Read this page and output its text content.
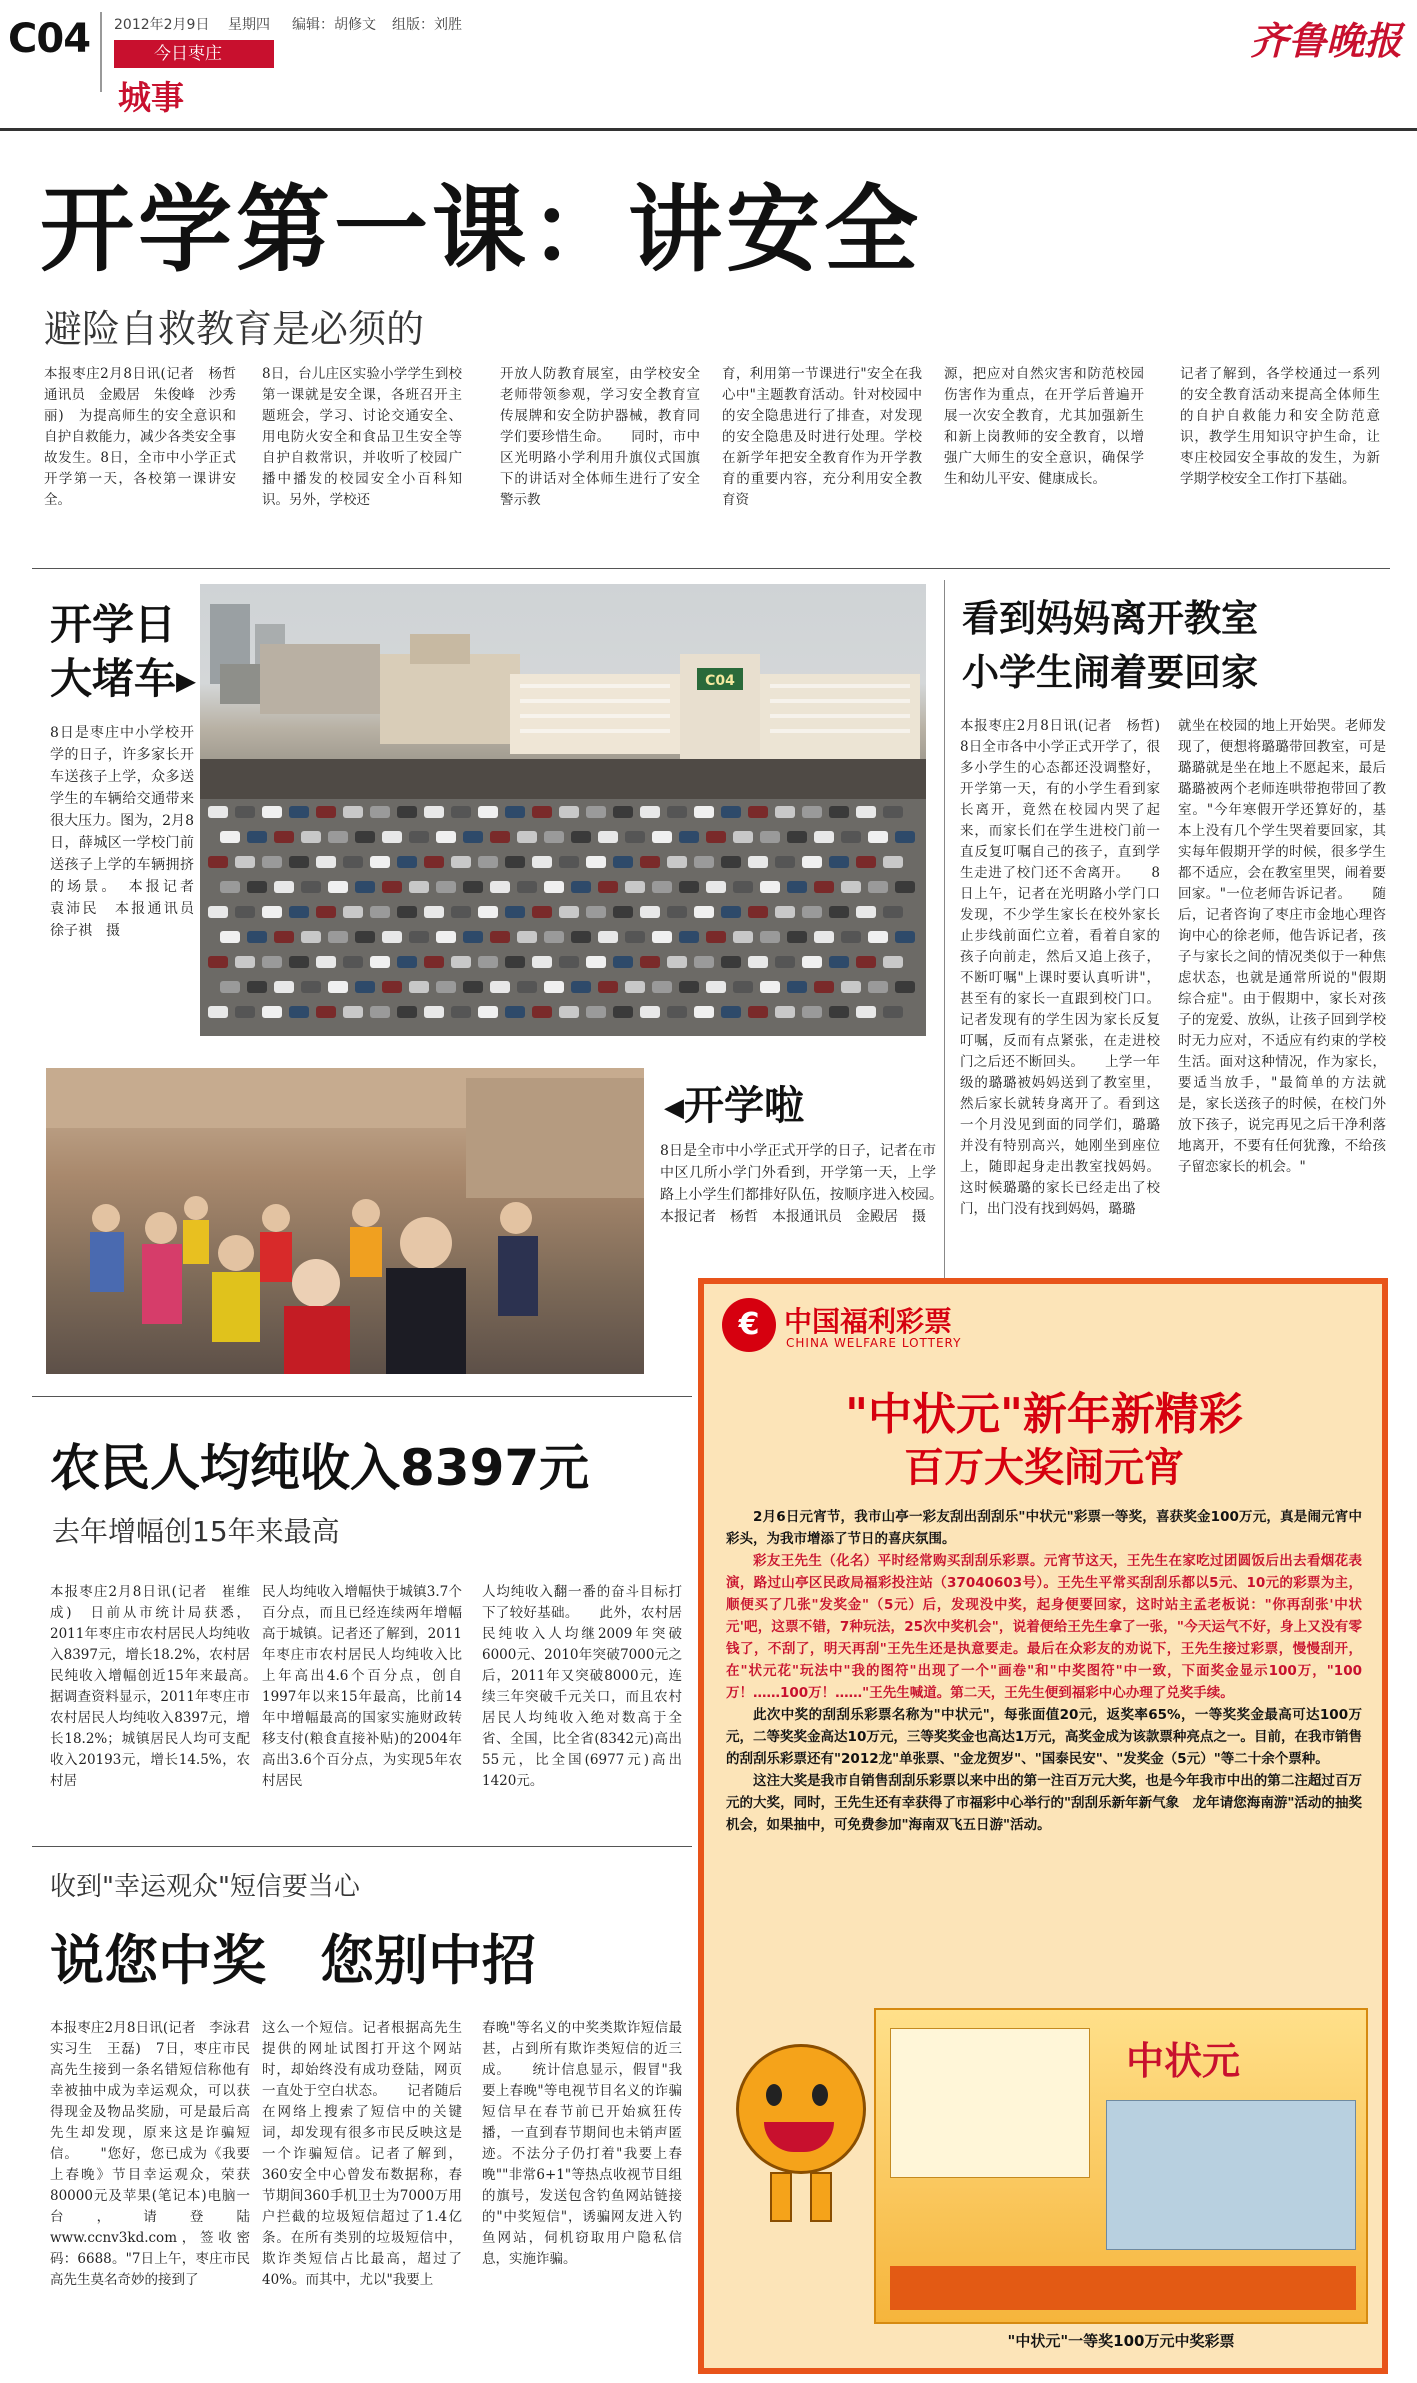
C04 2012年2月9日 星期四 编辑：胡修文 组版：刘胜
今日枣庄
城事
齐鲁晚报
开学第一课：讲安全
避险自救教育是必须的
本报枣庄2月8日讯(记者　杨哲　通讯员　金殿居　朱俊峰　沙秀丽)　为提高师生的安全意识和自护自救能力，减少各类安全事故发生。8日，全市中小学正式开学第一天，各校第一课讲安全。
8日，台儿庄区实验小学学生到校第一课就是安全课，各班召开主题班会，学习、讨论交通安全、用电防火安全和食品卫生安全等自护自救常识，并收听了校园广播中播发的校园安全小百科知识。另外，学校还
开放人防教育展室，由学校安全老师带领参观，学习安全教育宣传展牌和安全防护器械，教育同学们要珍惜生命。　　同时，市中区光明路小学利用升旗仪式国旗下的讲话对全体师生进行了安全警示教
育，利用第一节课进行"安全在我心中"主题教育活动。针对校园中的安全隐患进行了排查，对发现的安全隐患及时进行处理。学校在新学年把安全教育作为开学教育的重要内容，充分利用安全教育资
源，把应对自然灾害和防范校园伤害作为重点，在开学后普遍开展一次安全教育，尤其加强新生和新上岗教师的安全教育，以增强广大师生的安全意识，确保学生和幼儿平安、健康成长。
记者了解到，各学校通过一系列的安全教育活动来提高全体师生的自护自救能力和安全防范意识，教学生用知识守护生命，让枣庄校园安全事故的发生，为新学期学校安全工作打下基础。
开学日
大堵车▶
8日是枣庄中小学校开学的日子，许多家长开车送孩子上学，众多送学生的车辆给交通带来很大压力。图为，2月8日，薛城区一学校门前送孩子上学的车辆拥挤的场景。　本报记者　袁沛民　本报通讯员　徐子祺　摄
C04
◀开学啦
8日是全市中小学正式开学的日子，记者在市中区几所小学门外看到，开学第一天，上学路上小学生们都排好队伍，按顺序进入校园。　本报记者　杨哲　本报通讯员　金殿居　摄
看到妈妈离开教室
小学生闹着要回家
本报枣庄2月8日讯(记者　杨哲)　8日全市各中小学正式开学了，很多小学生的心态都还没调整好，开学第一天，有的小学生看到家长离开，竟然在校园内哭了起来，而家长们在学生进校门前一直反复叮嘱自己的孩子，直到学生走进了校门还不舍离开。　　8日上午，记者在光明路小学门口发现，不少学生家长在校外家长止步线前面伫立着，看着自家的孩子向前走，然后又追上孩子，不断叮嘱"上课时要认真听讲"，甚至有的家长一直跟到校门口。记者发现有的学生因为家长反复叮嘱，反而有点紧张，在走进校门之后还不断回头。　　上学一年级的璐璐被妈妈送到了教室里，然后家长就转身离开了。看到这一个月没见到面的同学们，璐璐并没有特别高兴，她刚坐到座位上，随即起身走出教室找妈妈。这时候璐璐的家长已经走出了校门，出门没有找到妈妈，璐璐
就坐在校园的地上开始哭。老师发现了，便想将璐璐带回教室，可是璐璐就是坐在地上不愿起来，最后璐璐被两个老师连哄带抱带回了教室。"今年寒假开学还算好的，基本上没有几个学生哭着要回家，其实每年假期开学的时候，很多学生都不适应，会在教室里哭，闹着要回家。"一位老师告诉记者。　　随后，记者咨询了枣庄市金地心理咨询中心的徐老师，他告诉记者，孩子与家长之间的情况类似于一种焦虑状态，也就是通常所说的"假期综合症"。由于假期中，家长对孩子的宠爱、放纵，让孩子回到学校时无力应对，不适应有约束的学校生活。面对这种情况，作为家长，要适当放手，"最简单的方法就是，家长送孩子的时候，在校门外放下孩子，说完再见之后干净利落地离开，不要有任何犹豫，不给孩子留恋家长的机会。"
农民人均纯收入8397元
去年增幅创15年来最高
本报枣庄2月8日讯(记者　崔维成)　日前从市统计局获悉，2011年枣庄市农村居民人均纯收入8397元，增长18.2%，农村居民纯收入增幅创近15年来最高。　　据调查资料显示，2011年枣庄市农村居民人均纯收入8397元，增长18.2%；城镇居民人均可支配收入20193元，增长14.5%，农村居
民人均纯收入增幅快于城镇3.7个百分点，而且已经连续两年增幅高于城镇。记者还了解到，2011年枣庄市农村居民人均纯收入比上年高出4.6个百分点，创自1997年以来15年最高，比前14年中增幅最高的国家实施财政转移支付(粮食直接补贴)的2004年高出3.6个百分点，为实现5年农村居民
人均纯收入翻一番的奋斗目标打下了较好基础。　　此外，农村居民纯收入人均继2009年突破6000元、2010年突破7000元之后，2011年又突破8000元，连续三年突破千元关口，而且农村居民人均纯收入绝对数高于全省、全国，比全省(8342元)高出55元，比全国(6977元)高出1420元。
收到"幸运观众"短信要当心
说您中奖　您别中招
本报枣庄2月8日讯(记者　李泳君　实习生　王磊)　7日，枣庄市民高先生接到一条名错短信称他有幸被抽中成为幸运观众，可以获得现金及物品奖励，可是最后高先生却发现，原来这是诈骗短信。　　"您好，您已成为《我要上春晚》节目幸运观众，荣获80000元及苹果(笔记本)电脑一台，请登陆www.ccnv3kd.com，签收密码：6688。"7日上午，枣庄市民高先生莫名奇妙的接到了
这么一个短信。记者根据高先生提供的网址试图打开这个网站时，却始终没有成功登陆，网页一直处于空白状态。　　记者随后在网络上搜索了短信中的关键词，却发现有很多市民反映这是一个诈骗短信。记者了解到，360安全中心曾发布数据称，春节期间360手机卫士为7000万用户拦截的垃圾短信超过了1.4亿条。在所有类别的垃圾短信中，欺诈类短信占比最高，超过了40%。而其中，尤以"我要上
春晚"等名义的中奖类欺诈短信最甚，占到所有欺诈类短信的近三成。　　统计信息显示，假冒"我要上春晚"等电视节目名义的诈骗短信早在春节前已开始疯狂传播，一直到春节期间也未销声匿迹。不法分子仍打着"我要上春晚""非常6+1"等热点收视节目组的旗号，发送包含钓鱼网站链接的"中奖短信"，诱骗网友进入钓鱼网站，伺机窃取用户隐私信息，实施诈骗。
€ 中国福利彩票
CHINA WELFARE LOTTERY
"中状元"新年新精彩
百万大奖闹元宵

2月6日元宵节，我市山亭一彩友刮出刮刮乐"中状元"彩票一等奖，喜获奖金100万元，真是闹元宵中彩头，为我市增添了节日的喜庆氛围。

彩友王先生（化名）平时经常购买刮刮乐彩票。元宵节这天，王先生在家吃过团圆饭后出去看烟花表演，路过山亭区民政局福彩投注站（37040603号）。王先生平常买刮刮乐都以5元、10元的彩票为主，顺便买了几张"发奖金"（5元）后，发现没中奖，起身便要回家，这时站主孟老板说："你再刮张'中状元'吧，这票不错，7种玩法，25次中奖机会"，说着便给王先生拿了一张，"今天运气不好，身上又没有零钱了，不刮了，明天再刮"王先生还是执意要走。最后在众彩友的劝说下，王先生接过彩票，慢慢刮开，在"状元花"玩法中"我的图符"出现了一个"画卷"和"中奖图符"中一致，下面奖金显示100万，"100万！……100万！……"王先生喊道。第二天，王先生便到福彩中心办理了兑奖手续。

此次中奖的刮刮乐彩票名称为"中状元"，每张面值20元，返奖率65%，一等奖奖金最高可达100万元，二等奖奖金高达10万元，三等奖奖金也高达1万元，高奖金成为该款票种亮点之一。目前，在我市销售的刮刮乐彩票还有"2012龙"单张票、"金龙贺岁"、"国泰民安"、"发奖金（5元）"等二十余个票种。

这注大奖是我市自销售刮刮乐彩票以来中出的第一注百万元大奖，也是今年我市中出的第二注超过百万元的大奖，同时，王先生还有幸获得了市福彩中心举行的"刮刮乐新年新气象　龙年请您海南游"活动的抽奖机会，如果抽中，可免费参加"海南双飞五日游"活动。

中状元
"中状元"一等奖100万元中奖彩票
